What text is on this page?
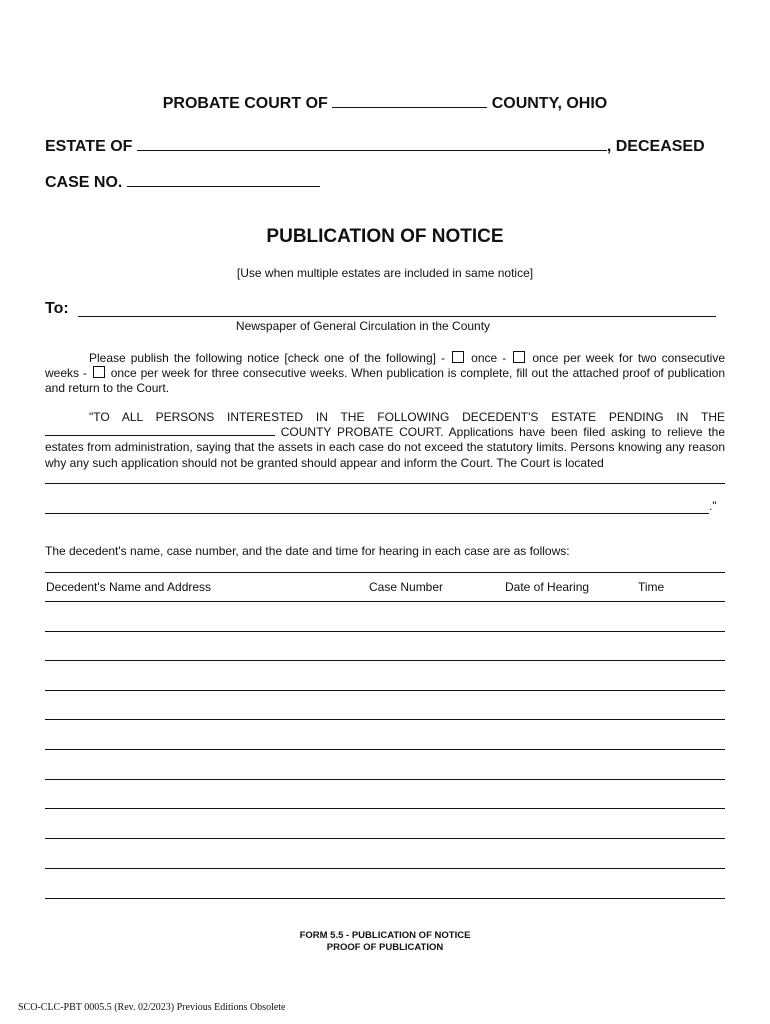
PROBATE COURT OF	COUNTY, OHIO
ESTATE OF	, DECEASED
CASE NO.
PUBLICATION OF NOTICE
[Use when multiple estates are included in same notice]
To:
Newspaper of General Circulation in the County
Please publish the following notice [check one of the following] - once - once per week for two consecutive weeks - once per week for three consecutive weeks. When publication is complete, fill out the attached proof of publication and return to the Court.
"TO ALL PERSONS INTERESTED IN THE FOLLOWING DECEDENT'S ESTATE PENDING IN THE  COUNTY PROBATE COURT. Applications have been filed asking to relieve the estates from administration, saying that the assets in each case do not exceed the statutory limits. Persons knowing any reason why any such application should not be granted should appear and inform the Court. The Court is located
."
The decedent's name, case number, and the date and time for hearing in each case are as follows:
Decedent's Name and Address	Case Number	Date of Hearing	Time
FORM 5.5 - PUBLICATION OF NOTICE
PROOF OF PUBLICATION
SCO-CLC-PBT 0005.5 (Rev. 02/2023) Previous Editions Obsolete
